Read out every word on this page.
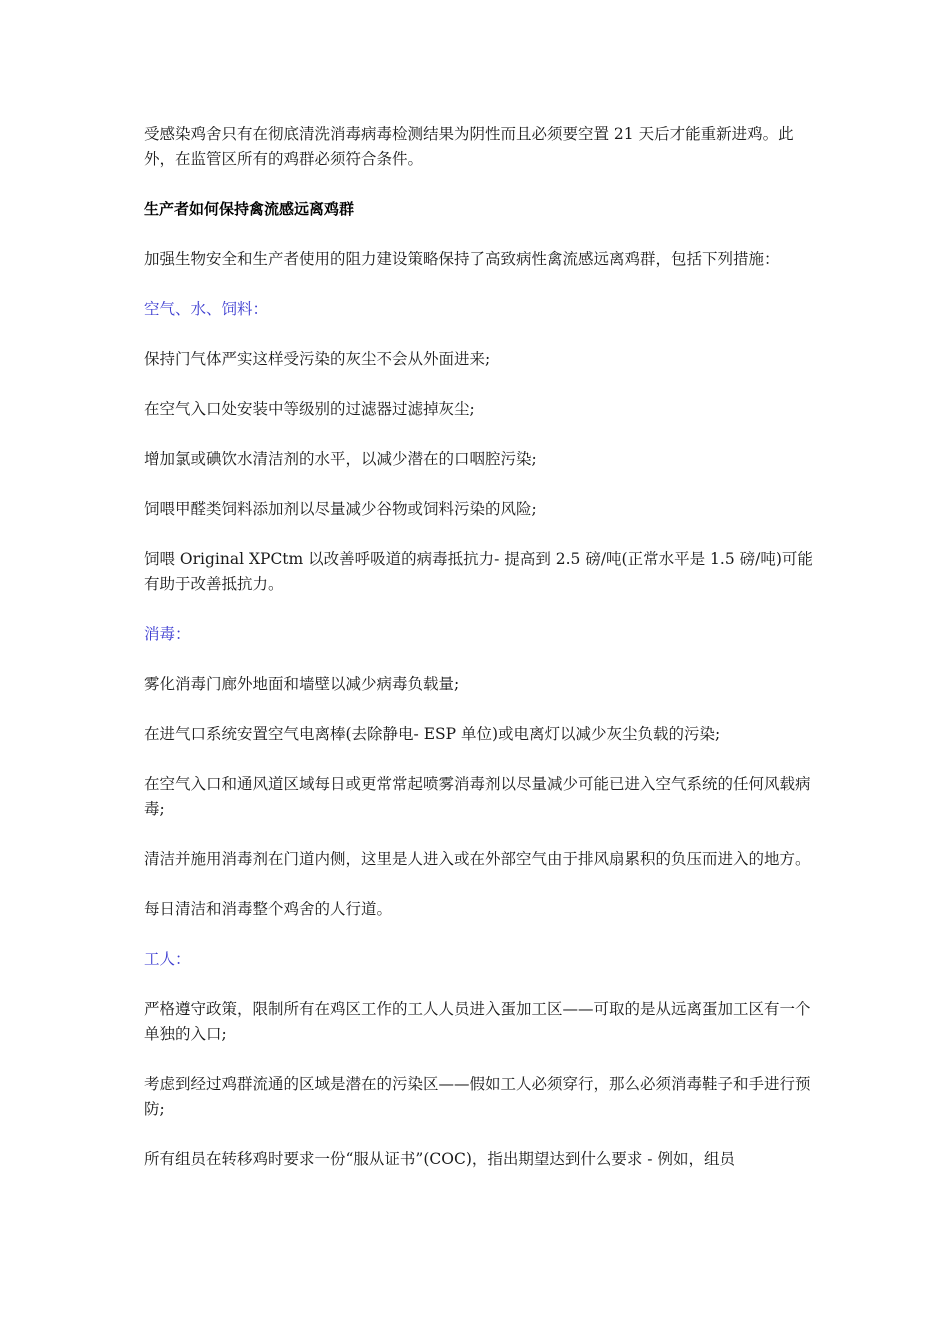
受感染鸡舍只有在彻底清洗消毒病毒检测结果为阴性而且必须要空置 21 天后才能重新进鸡。此外，在监管区所有的鸡群必须符合条件。

生产者如何保持禽流感远离鸡群

加强生物安全和生产者使用的阻力建设策略保持了高致病性禽流感远离鸡群，包括下列措施：

空气、水、饲料：

保持门气体严实这样受污染的灰尘不会从外面进来;

在空气入口处安装中等级别的过滤器过滤掉灰尘;

增加氯或碘饮水清洁剂的水平，以减少潜在的口咽腔污染;

饲喂甲醛类饲料添加剂以尽量减少谷物或饲料污染的风险;

饲喂 Original XPCtm 以改善呼吸道的病毒抵抗力- 提高到 2.5 磅/吨(正常水平是 1.5 磅/吨)可能有助于改善抵抗力。

消毒：

雾化消毒门廊外地面和墙壁以减少病毒负载量;

在进气口系统安置空气电离棒(去除静电- ESP 单位)或电离灯以减少灰尘负载的污染;

在空气入口和通风道区域每日或更常常起喷雾消毒剂以尽量减少可能已进入空气系统的任何风载病毒;

清洁并施用消毒剂在门道内侧，这里是人进入或在外部空气由于排风扇累积的负压而进入的地方。

每日清洁和消毒整个鸡舍的人行道。

工人：

严格遵守政策，限制所有在鸡区工作的工人人员进入蛋加工区——可取的是从远离蛋加工区有一个单独的入口;

考虑到经过鸡群流通的区域是潜在的污染区——假如工人必须穿行，那么必须消毒鞋子和手进行预防;

所有组员在转移鸡时要求一份“服从证书”(COC)，指出期望达到什么要求 - 例如，组员
